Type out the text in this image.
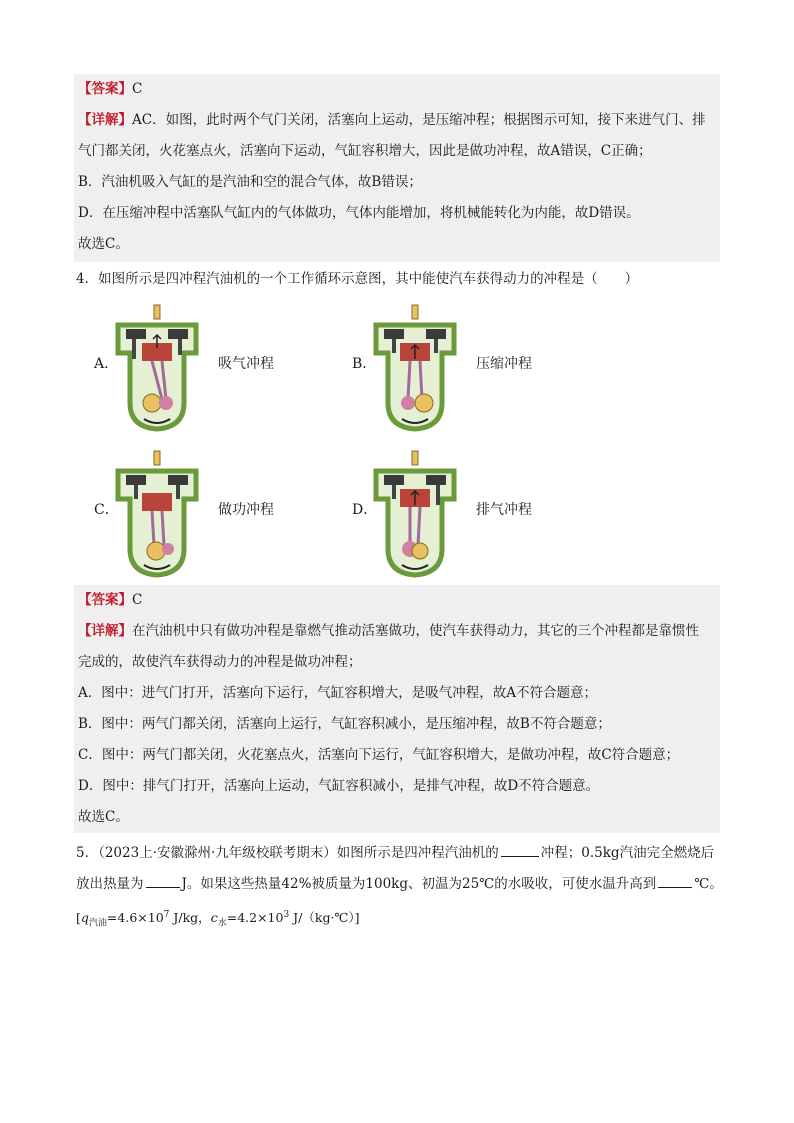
【答案】C
【详解】AC．如图，此时两个气门关闭，活塞向上运动，是压缩冲程；根据图示可知，接下来进气门、排
气门都关闭，火花塞点火，活塞向下运动，气缸容积增大，因此是做功冲程，故A错误，C正确；
B．汽油机吸入气缸的是汽油和空的混合气体，故B错误；
D．在压缩冲程中活塞队气缸内的气体做功，气体内能增加，将机械能转化为内能，故D错误。
故选C。
4．如图所示是四冲程汽油机的一个工作循环示意图，其中能使汽车获得动力的冲程是（　　）
A．	吸气冲程	B．	压缩冲程
C．	做功冲程	D．	排气冲程
【答案】C
【详解】在汽油机中只有做功冲程是靠燃气推动活塞做功，使汽车获得动力，其它的三个冲程都是靠惯性
完成的，故使汽车获得动力的冲程是做功冲程；
A．图中：进气门打开，活塞向下运行，气缸容积增大，是吸气冲程，故A不符合题意；
B．图中：两气门都关闭，活塞向上运行，气缸容积减小，是压缩冲程，故B不符合题意；
C．图中：两气门都关闭，火花塞点火，活塞向下运行，气缸容积增大，是做功冲程，故C符合题意；
D．图中：排气门打开，活塞向上运动，气缸容积减小，是排气冲程，故D不符合题意。
故选C。
5．（2023上·安徽滁州·九年级校联考期末）如图所示是四冲程汽油机的	冲程；0.5kg汽油完全燃烧后
放出热量为	J。如果这些热量42%被质量为100kg、初温为25℃的水吸收，可使水温升高到	℃。
[$q_{汽油}=4.6\times 10^7$ J/kg，$c_水=4.2\times 10^3$ J/（kg·℃）]
